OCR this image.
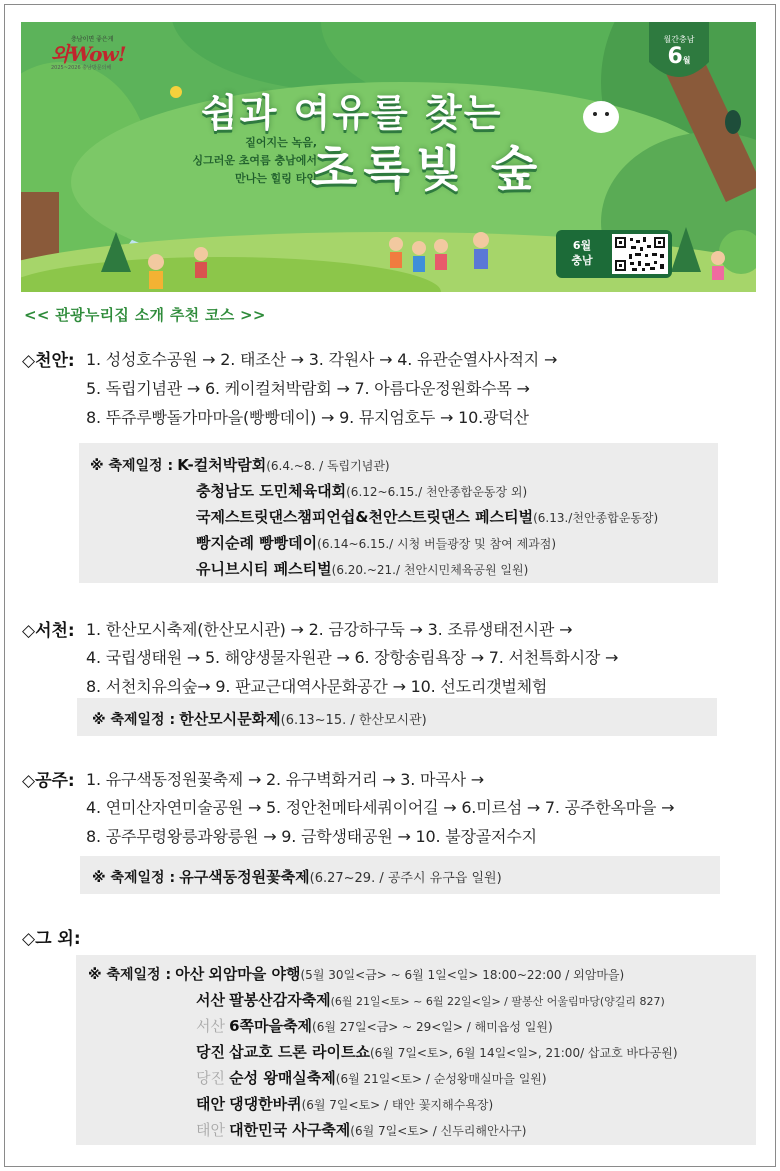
충남이면 좋은게
와Wow!
2025~2026 충남방문의해
월간충남
6월
짙어지는 녹음,
싱그러운 초여름 충남에서
만나는 힐링 타임
쉼과 여유를 찾는
초록빛 숲
6월
충남
<< 관광누리집 소개 추천 코스 >>
◇천안: 1. 성성호수공원 → 2. 태조산 → 3. 각원사 → 4. 유관순열사사적지 →
5. 독립기념관 → 6. 케이컬쳐박람회 → 7. 아름다운정원화수목 →
8. 뚜쥬루빵돌가마마을(빵빵데이) → 9. 뮤지엄호두 → 10.광덕산
※ 축제일정 : K-컬처박람회(6.4.~8. / 독립기념관)
충청남도 도민체육대회(6.12~6.15./ 천안종합운동장 외)
국제스트릿댄스챔피언쉽&천안스트릿댄스 페스티벌(6.13./천안종합운동장)
빵지순례 빵빵데이(6.14~6.15./ 시청 버들광장 및 참여 제과점)
유니브시티 페스티벌(6.20.~21./ 천안시민체육공원 일원)
◇서천: 1. 한산모시축제(한산모시관) → 2. 금강하구둑 → 3. 조류생태전시관 →
4. 국립생태원 → 5. 해양생물자원관 → 6. 장항송림욕장 → 7. 서천특화시장 →
8. 서천치유의숲→ 9. 판교근대역사문화공간 → 10. 선도리갯벌체험
※ 축제일정 : 한산모시문화제(6.13~15. / 한산모시관)
◇공주: 1. 유구색동정원꽃축제 → 2. 유구벽화거리 → 3. 마곡사 →
4. 연미산자연미술공원 → 5. 정안천메타세쿼이어길 → 6.미르섬 → 7. 공주한옥마을 →
8. 공주무령왕릉과왕릉원 → 9. 금학생태공원 → 10. 불장골저수지
※ 축제일정 : 유구색동정원꽃축제(6.27~29. / 공주시 유구읍 일원)
◇그 외:
※ 축제일정 : 아산 외암마을 야행(5월 30일<금> ~ 6월 1일<일> 18:00~22:00 / 외암마을)
서산 팔봉산감자축제(6월 21일<토> ~ 6월 22일<일> / 팔봉산 어울림마당(양길리 827)
서산 6쪽마을축제(6월 27일<금> ~ 29<일> / 해미읍성 일원)
당진 삽교호 드론 라이트쇼(6월 7일<토>, 6월 14일<일>, 21:00/ 삽교호 바다공원)
당진 순성 왕매실축제(6월 21일<토> / 순성왕매실마을 일원)
태안 댕댕한바퀴(6월 7일<토> / 태안 꽃지해수욕장)
태안 대한민국 사구축제(6월 7일<토> / 신두리해안사구)
